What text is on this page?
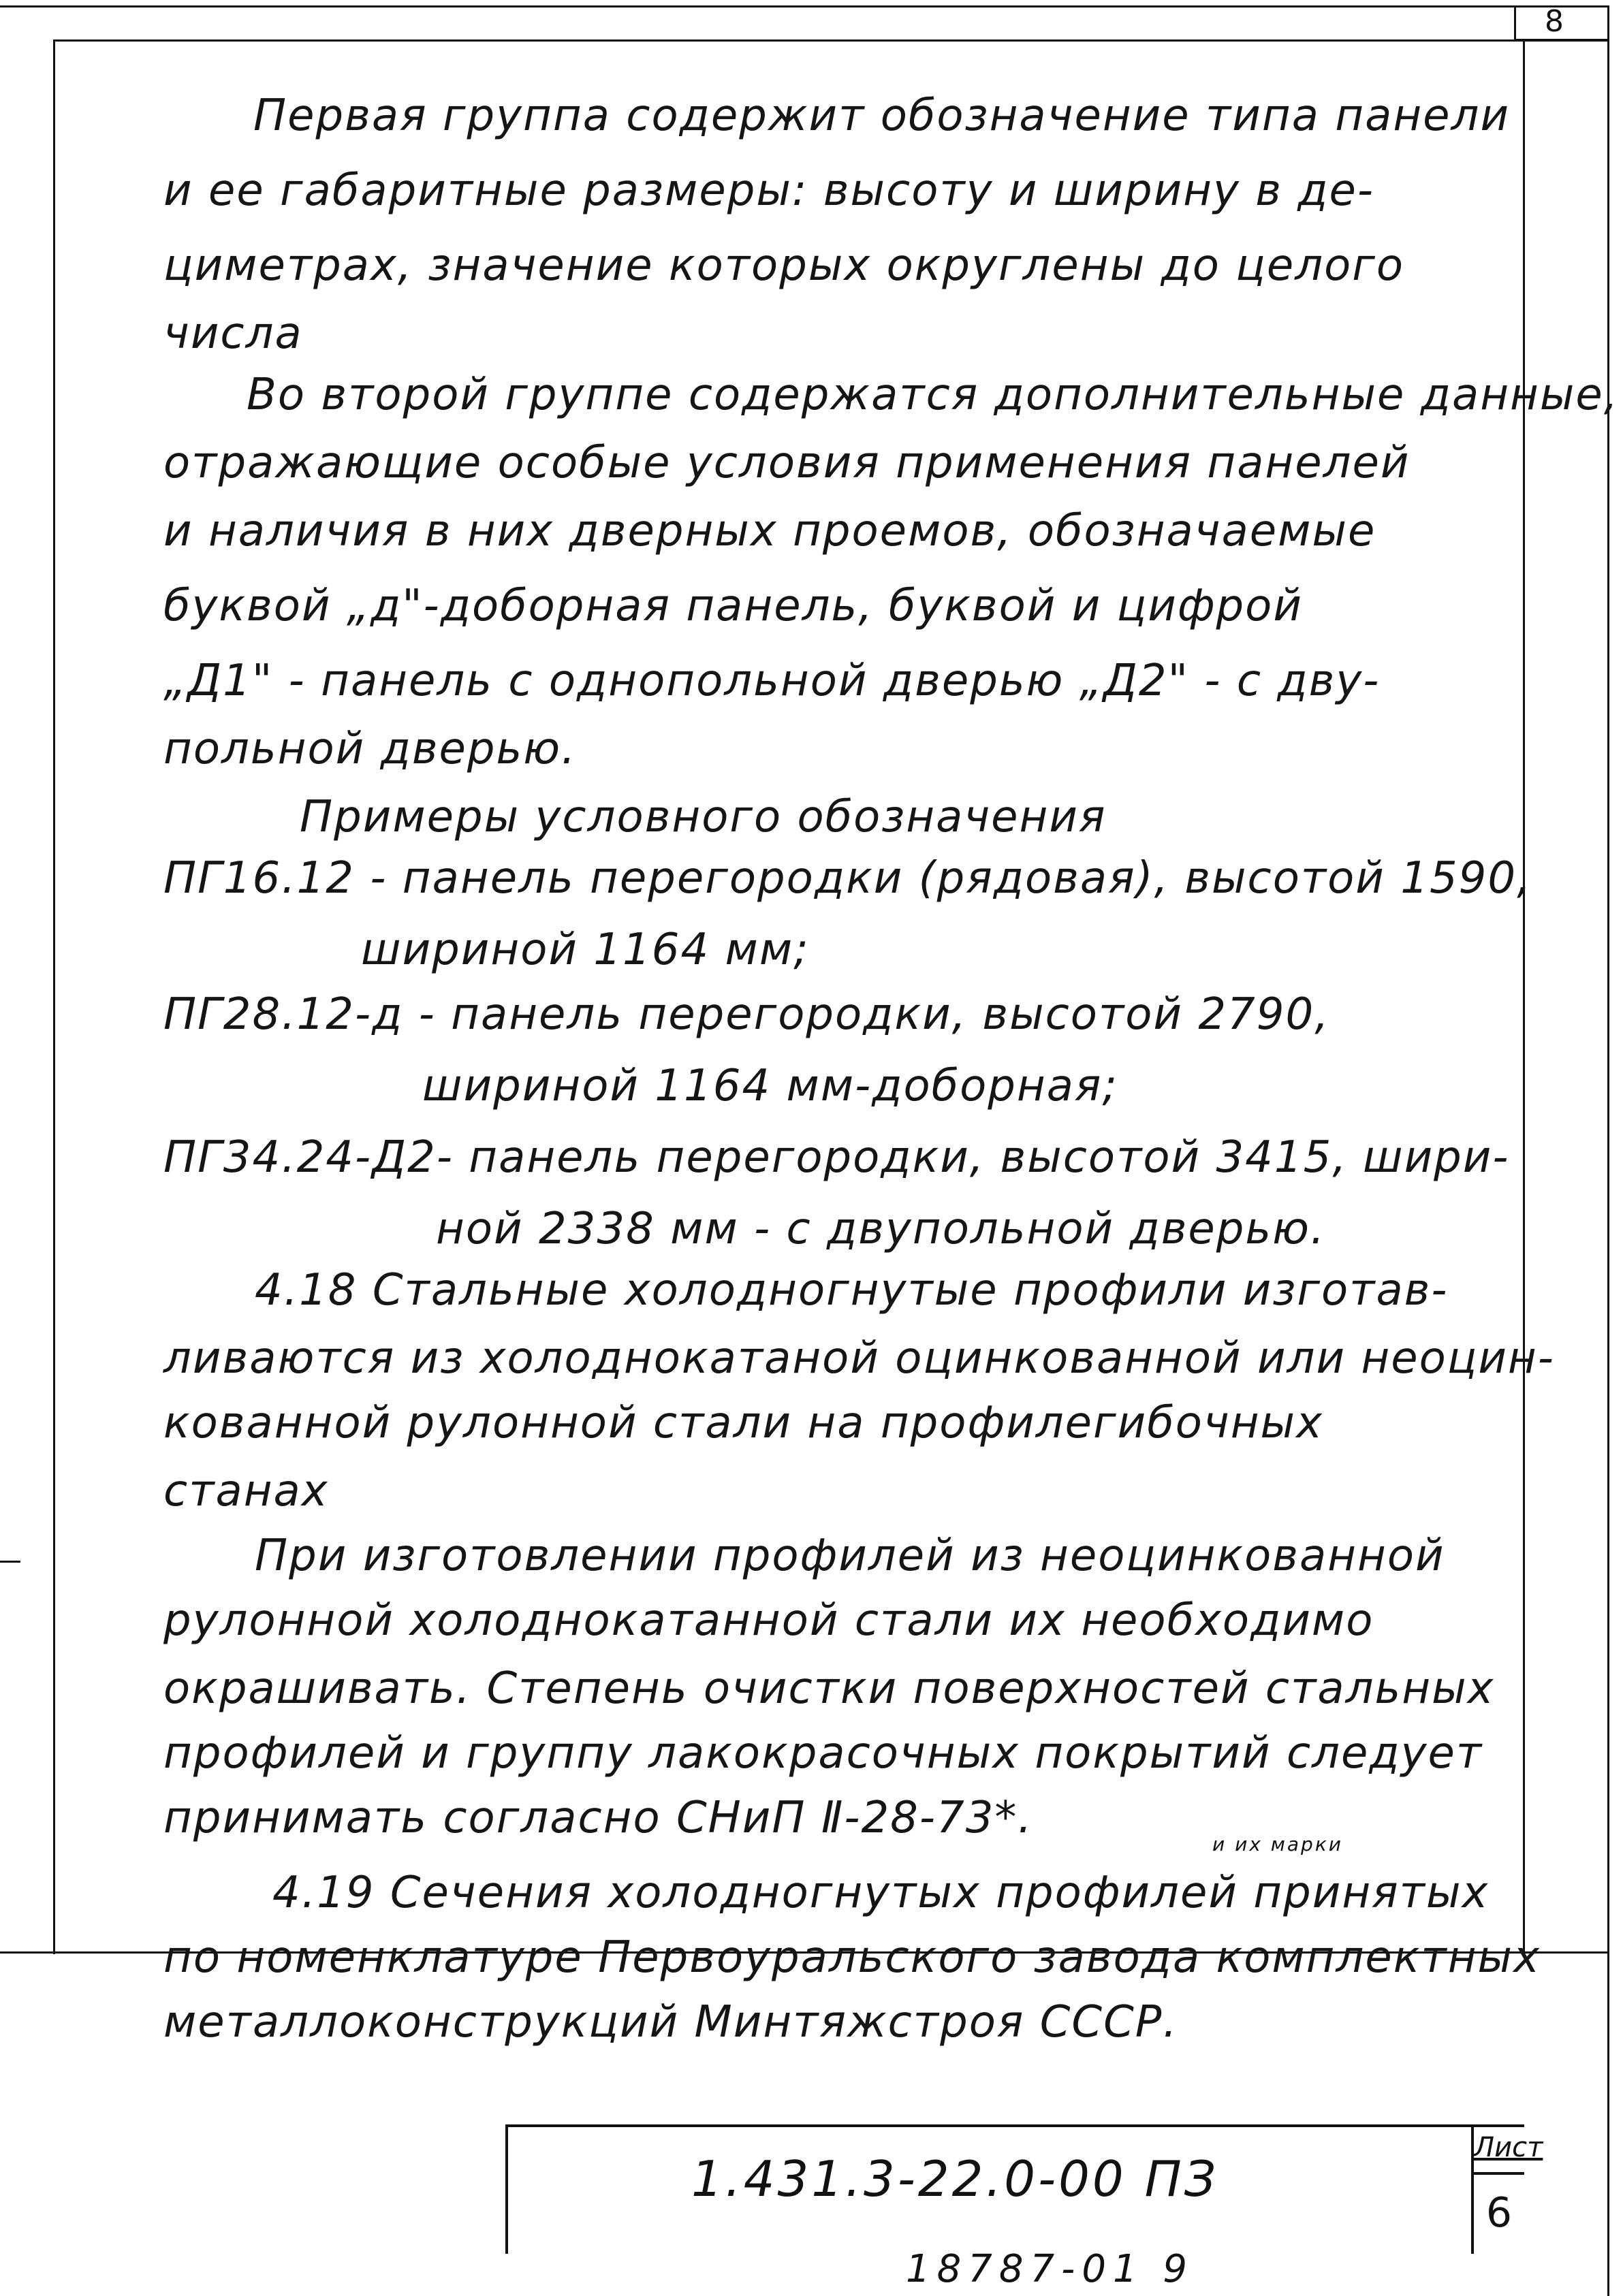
8
Первая группа содержит обозначение типа панели
и ее габаритные размеры: высоту и ширину в де-
циметрах, значение которых округлены до целого
числа
Во второй группе содержатся дополнительные данные,
отражающие особые условия применения панелей
и наличия в них дверных проемов, обозначаемые
буквой „д"-доборная панель, буквой и цифрой
„Д1" - панель с однопольной дверью „Д2" - с дву-
польной дверью.
Примеры условного обозначения
ПГ16.12 - панель перегородки (рядовая), высотой 1590,
шириной 1164 мм;
ПГ28.12-д - панель перегородки, высотой 2790,
шириной 1164 мм-доборная;
ПГ34.24-Д2- панель перегородки, высотой 3415, шири-
ной 2338 мм - с двупольной дверью.
4.18 Стальные холодногнутые профили изготав-
ливаются из холоднокатаной оцинкованной или неоцин-
кованной рулонной стали на профилегибочных
станах
При изготовлении профилей из неоцинкованной
рулонной холоднокатанной стали их необходимо
окрашивать. Степень очистки поверхностей стальных
профилей и группу лакокрасочных покрытий следует
принимать согласно СНиП Ⅱ-28-73*.
и их марки
4.19 Сечения холодногнутых профилей принятых
по номенклатуре Первоуральского завода комплектных
металлоконструкций Минтяжстроя СССР.
1.431.3-22.0-00 ПЗ
Лист
6
18787-01 9
